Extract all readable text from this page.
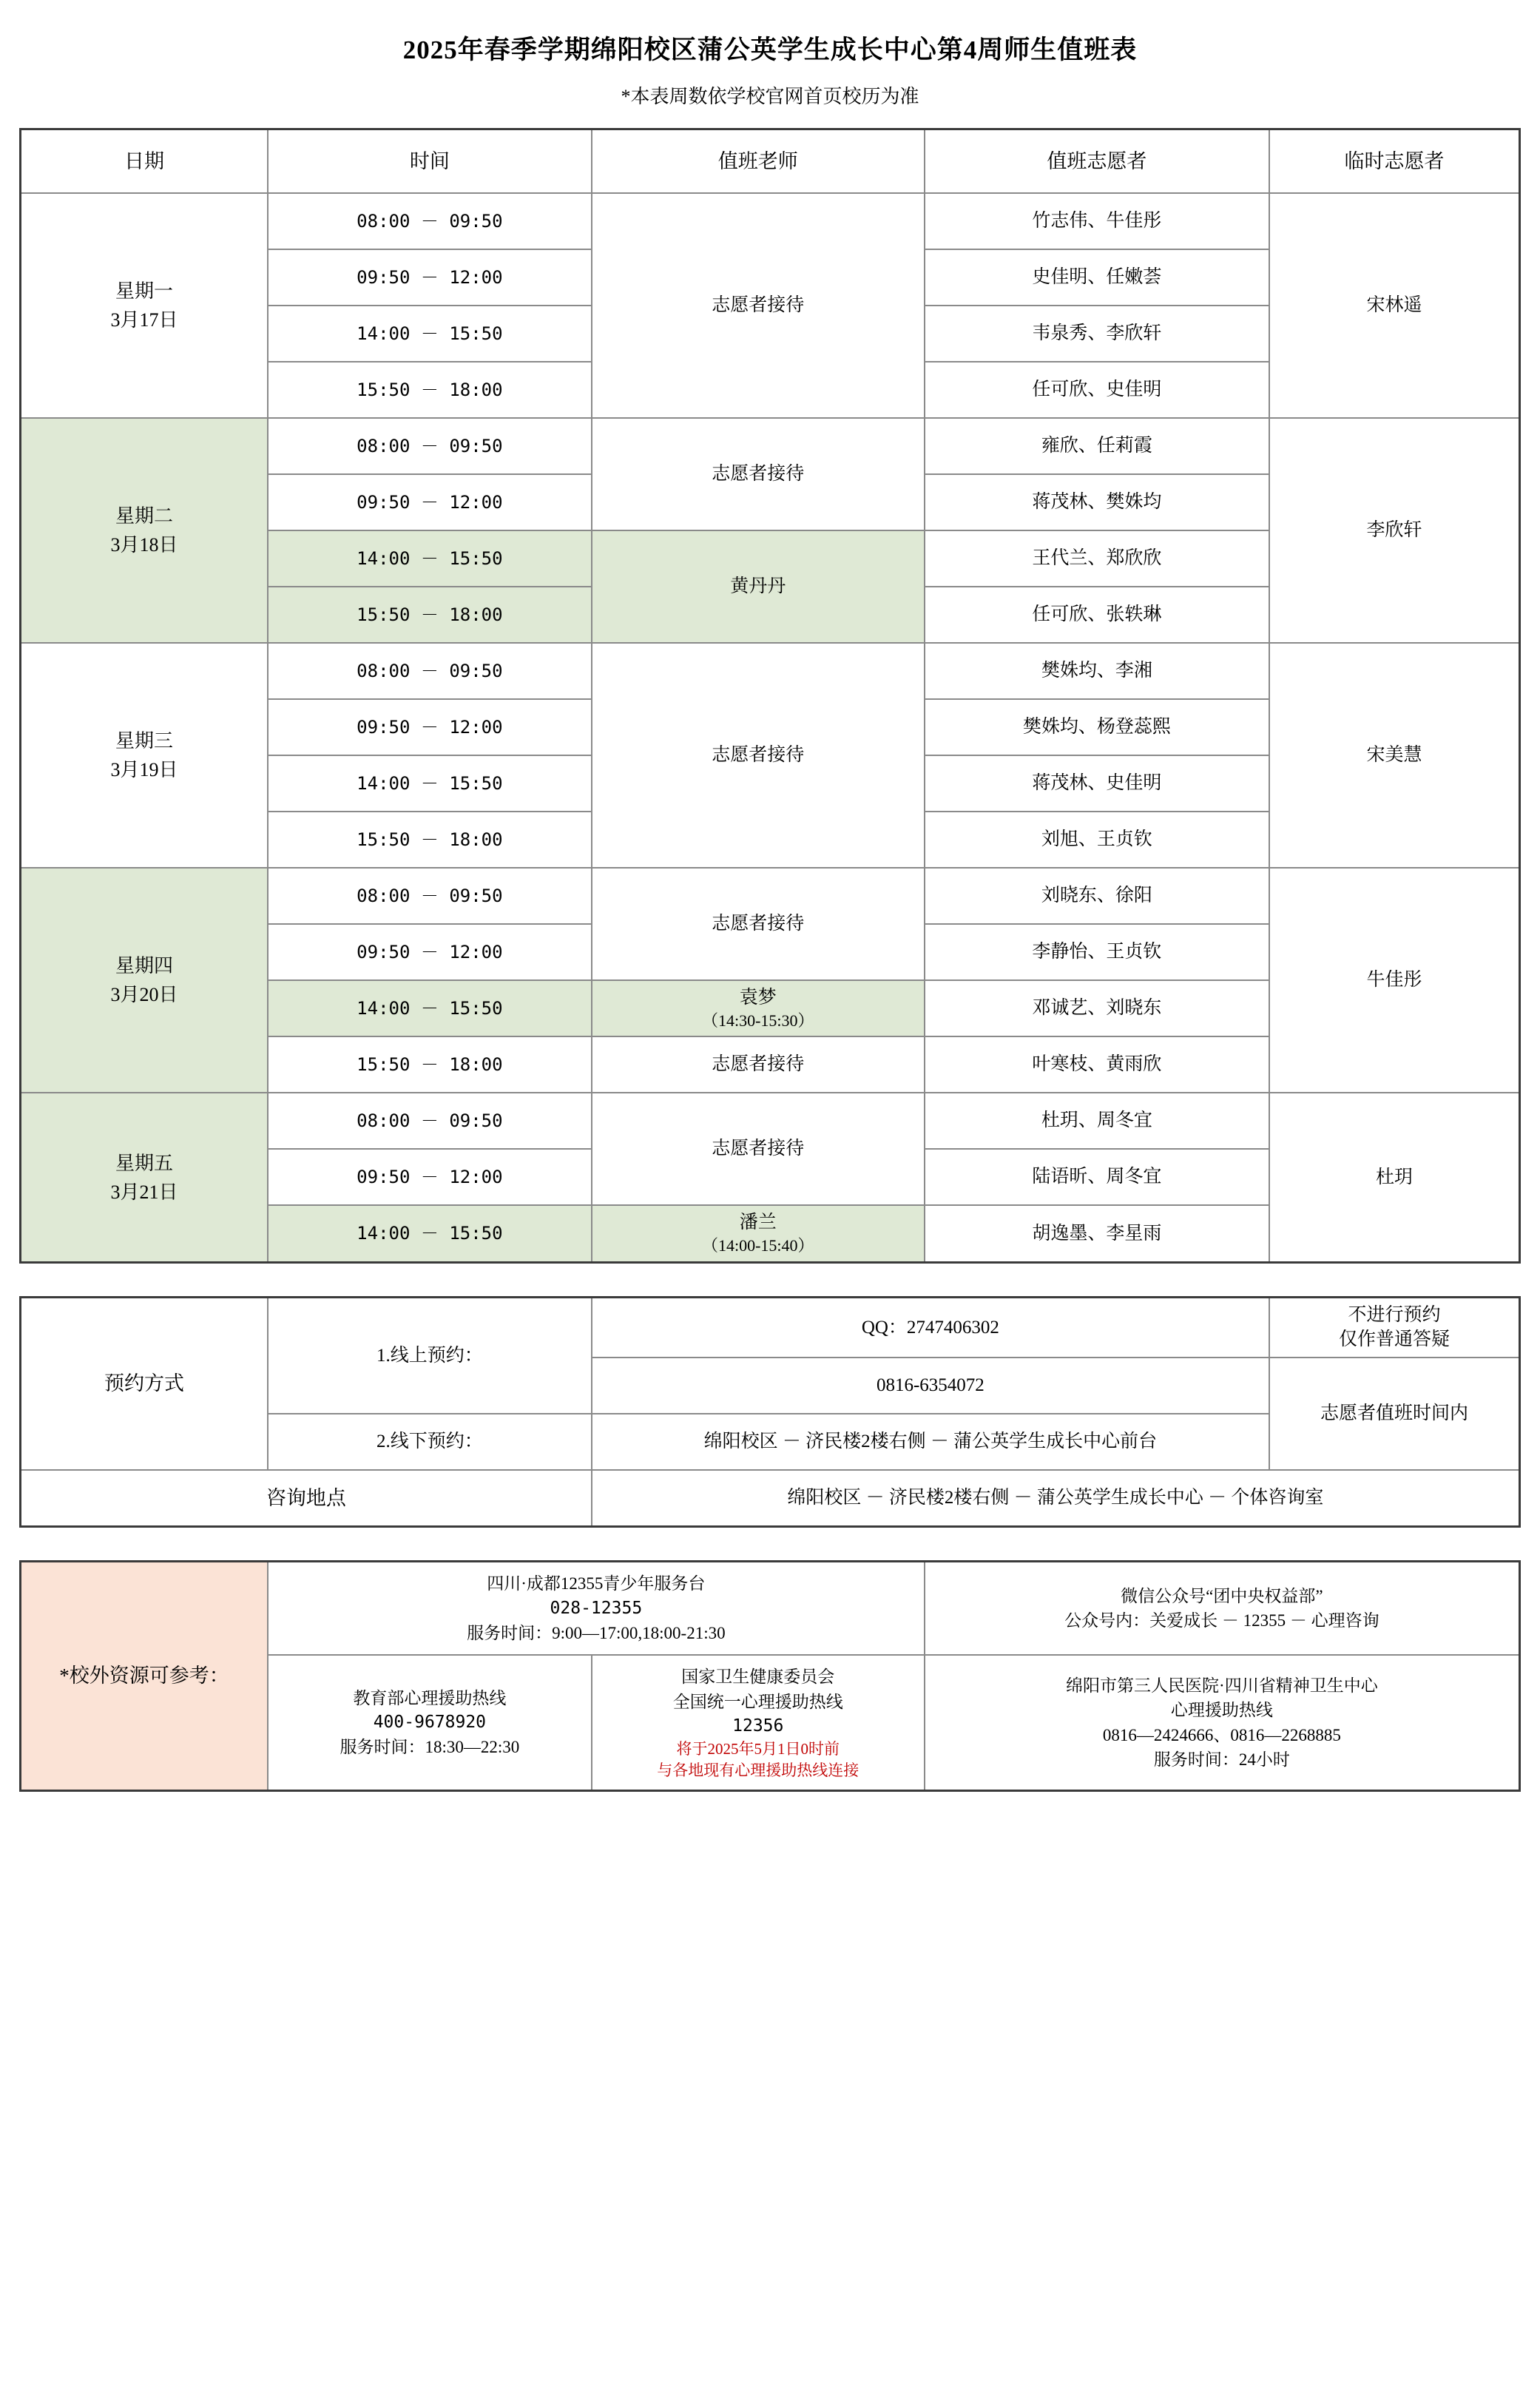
2025年春季学期绵阳校区蒲公英学生成长中心第4周师生值班表
*本表周数依学校官网首页校历为准
日期	时间	值班老师	值班志愿者	临时志愿者
星期一
3月17日	08:00 － 09:50	志愿者接待	竹志伟、牛佳彤	宋林遥
	09:50 － 12:00		史佳明、任嫩荟	
	14:00 － 15:50		韦泉秀、李欣轩	
	15:50 － 18:00		任可欣、史佳明	
星期二
3月18日	08:00 － 09:50	志愿者接待	雍欣、任莉霞	李欣轩
	09:50 － 12:00		蒋茂林、樊姝均	
	14:00 － 15:50	黄丹丹	王代兰、郑欣欣	
	15:50 － 18:00		任可欣、张轶琳	
星期三
3月19日	08:00 － 09:50	志愿者接待	樊姝均、李湘	宋美慧
	09:50 － 12:00		樊姝均、杨登蕊熙	
	14:00 － 15:50		蒋茂林、史佳明	
	15:50 － 18:00		刘旭、王贞钦	
星期四
3月20日	08:00 － 09:50	志愿者接待	刘晓东、徐阳	牛佳彤
	09:50 － 12:00		李静怡、王贞钦	
	14:00 － 15:50	袁梦
（14:30-15:30）	邓诚艺、刘晓东	
	15:50 － 18:00	志愿者接待	叶寒枝、黄雨欣	
星期五
3月21日	08:00 － 09:50	志愿者接待	杜玥、周冬宜	杜玥
	09:50 － 12:00		陆语昕、周冬宜	
	14:00 － 15:50	潘兰
（14:00-15:40）	胡逸墨、李星雨	
预约方式	1.线上预约：	QQ：2747406302	不进行预约
仅作普通答疑
		0816-6354072	志愿者值班时间内
	2.线下预约：	绵阳校区 － 济民楼2楼右侧 － 蒲公英学生成长中心前台	
咨询地点		绵阳校区 － 济民楼2楼右侧 － 蒲公英学生成长中心 － 个体咨询室	
*校外资源可参考：	
四川·成都12355青少年服务台
028-12355
服务时间：9:00—17:00,18:00-21:30

微信公众号“团中央权益部”
公众号内：关爱成长 － 12355 － 心理咨询

教育部心理援助热线
400-9678920
服务时间：18:30—22:30

国家卫生健康委员会
全国统一心理援助热线
12356
将于2025年5月1日0时前
与各地现有心理援助热线连接

绵阳市第三人民医院·四川省精神卫生中心
心理援助热线
0816—2424666、0816—2268885
服务时间：24小时
